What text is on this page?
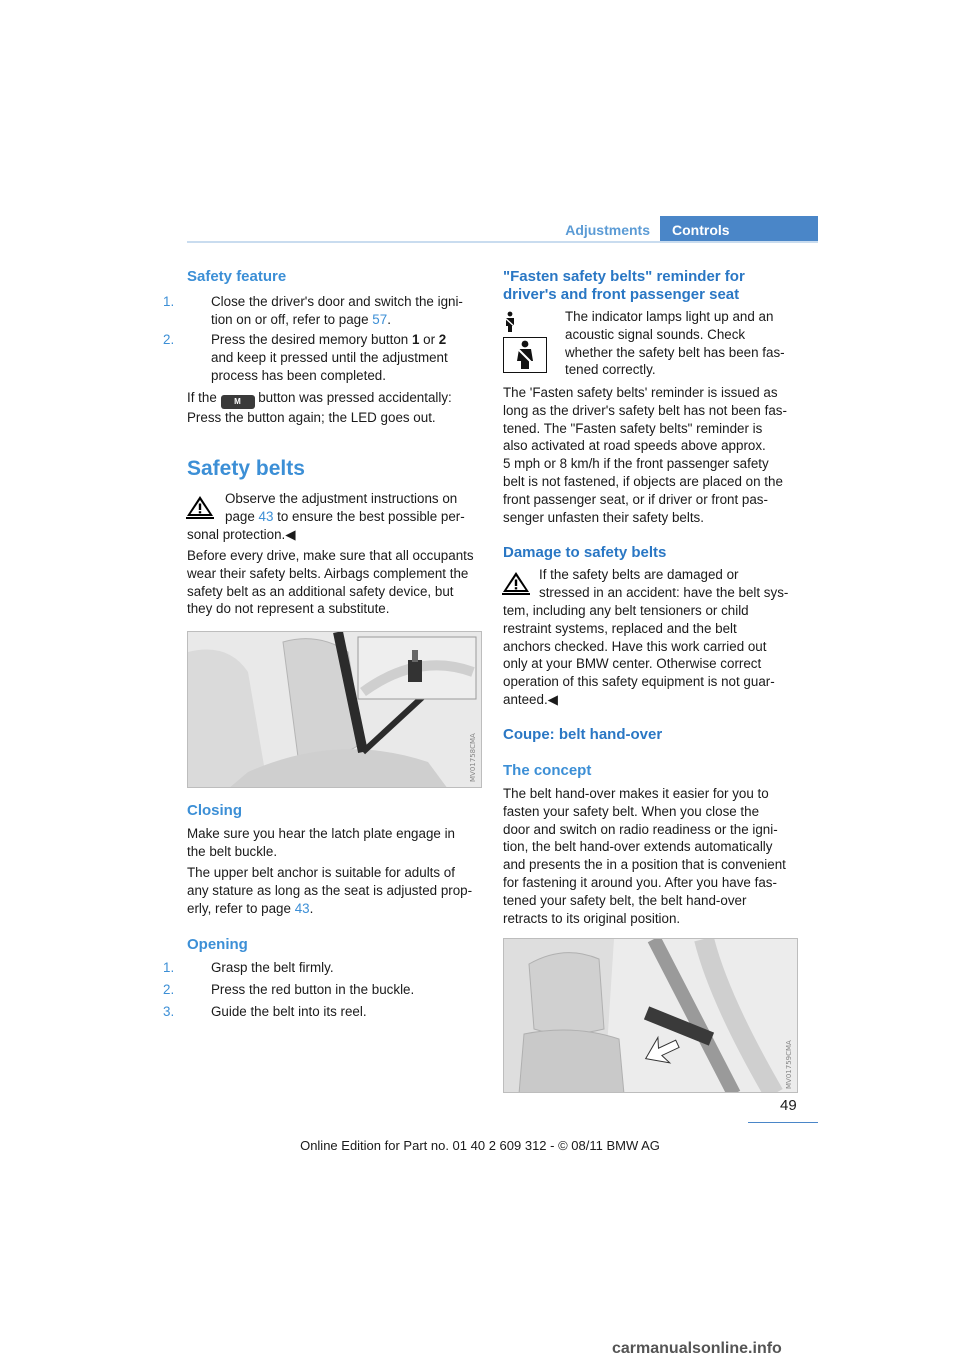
Adjustments	Controls
Safety feature
1.	Close the driver's door and switch the igni-
tion on or off, refer to page 57.
2.	Press the desired memory button 1 or 2
and keep it pressed until the adjustment
process has been completed.
If the M button was pressed accidentally:
Press the button again; the LED goes out.
Safety belts
Observe the adjustment instructions on
page 43 to ensure the best possible per-
sonal protection.◀
Before every drive, make sure that all occupants
wear their safety belts. Airbags complement the
safety belt as an additional safety device, but
they do not represent a substitute.
MV01758CMA
Closing
Make sure you hear the latch plate engage in
the belt buckle.
The upper belt anchor is suitable for adults of
any stature as long as the seat is adjusted prop-
erly, refer to page 43.
Opening
1.	Grasp the belt firmly.
2.	Press the red button in the buckle.
3.	Guide the belt into its reel.
"Fasten safety belts" reminder for
driver's and front passenger seat
The indicator lamps light up and an
acoustic signal sounds. Check
whether the safety belt has been fas-
tened correctly.
The 'Fasten safety belts' reminder is issued as
long as the driver's safety belt has not been fas-
tened. The "Fasten safety belts" reminder is
also activated at road speeds above approx.
5 mph or 8 km/h if the front passenger safety
belt is not fastened, if objects are placed on the
front passenger seat, or if driver or front pas-
senger unfasten their safety belts.
Damage to safety belts
If the safety belts are damaged or
stressed in an accident: have the belt sys-
tem, including any belt tensioners or child
restraint systems, replaced and the belt
anchors checked. Have this work carried out
only at your BMW center. Otherwise correct
operation of this safety equipment is not guar-
anteed.◀
Coupe: belt hand-over
The concept
The belt hand-over makes it easier for you to
fasten your safety belt. When you close the
door and switch on radio readiness or the igni-
tion, the belt hand-over extends automatically
and presents the in a position that is convenient
for fastening it around you. After you have fas-
tened your safety belt, the belt hand-over
retracts to its original position.
MV01759CMA
49
Online Edition for Part no. 01 40 2 609 312 - © 08/11 BMW AG
carmanualsonline.info
